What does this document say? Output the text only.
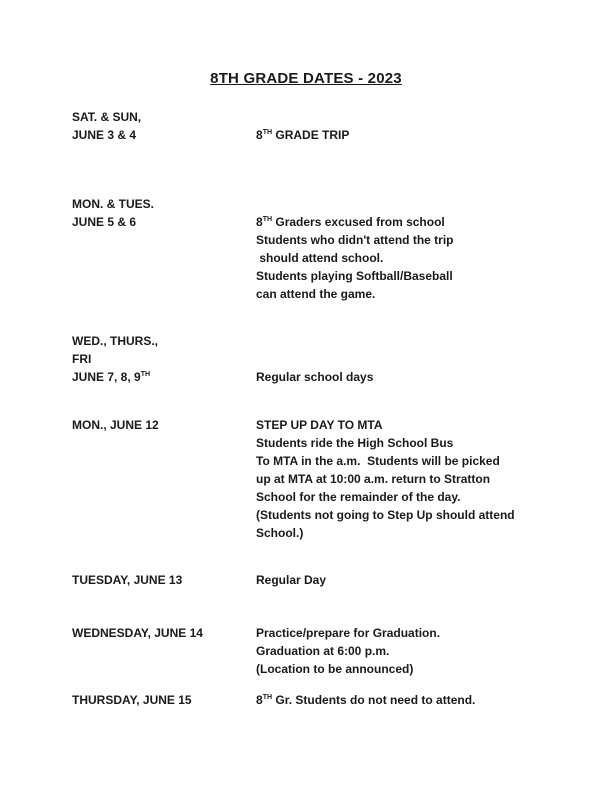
8TH GRADE DATES - 2023
SAT. & SUN,
JUNE 3 & 4	8TH GRADE TRIP
MON. & TUES.
JUNE 5 & 6	8TH Graders excused from school
Students who didn't attend the trip
should attend school.
Students playing Softball/Baseball
can attend the game.
WED., THURS.,
FRI
JUNE 7, 8, 9TH	Regular school days
MON., JUNE 12	STEP UP DAY TO MTA
Students ride the High School Bus
To MTA in the a.m.  Students will be picked
up at MTA at 10:00 a.m. return to Stratton
School for the remainder of the day.
(Students not going to Step Up should attend
School.)
TUESDAY, JUNE 13	Regular Day
WEDNESDAY, JUNE 14	Practice/prepare for Graduation.
Graduation at 6:00 p.m.
(Location to be announced)
THURSDAY, JUNE 15	8TH Gr. Students do not need to attend.
